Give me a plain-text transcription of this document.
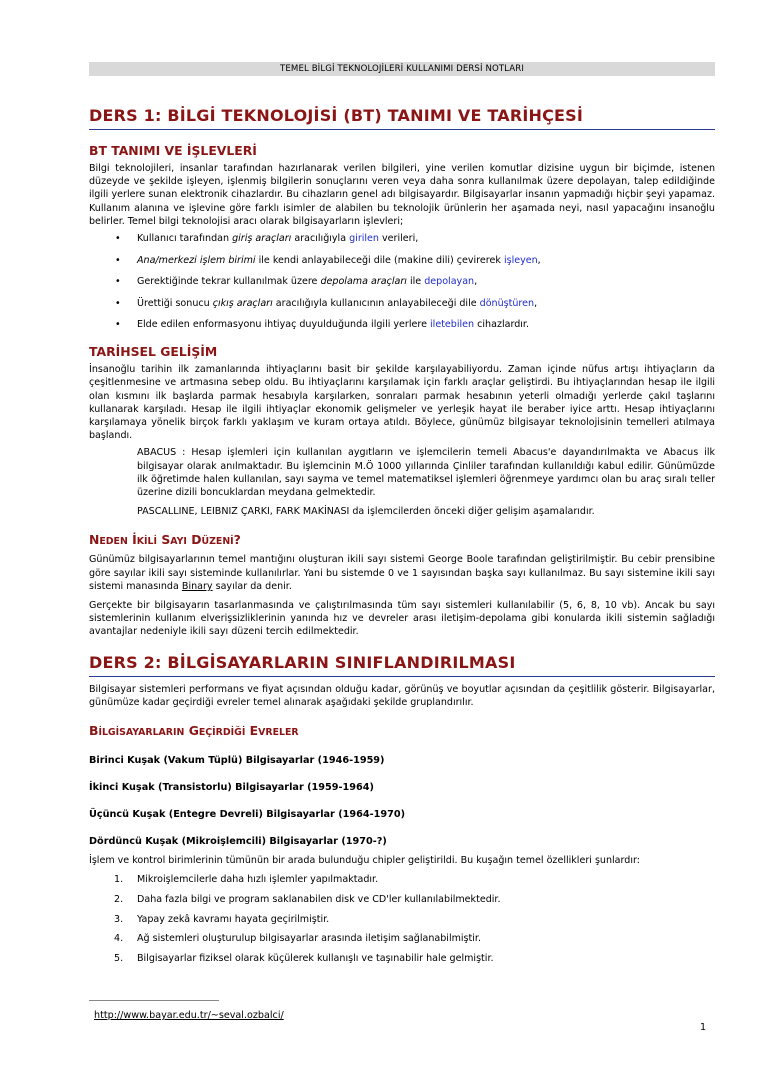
TEMEL BİLGİ TEKNOLOJİLERİ KULLANIMI DERSİ NOTLARI
DERS 1: BİLGİ TEKNOLOJİSİ (BT) TANIMI VE TARİHÇESİ
BT TANIMI VE İŞLEVLERİ

Bilgi teknolojileri, insanlar tarafından hazırlanarak verilen bilgileri, yine verilen komutlar dizisine uygun bir biçimde, istenen düzeyde ve şekilde işleyen, işlenmiş bilgilerin sonuçlarını veren veya daha sonra kullanılmak üzere depolayan, talep edildiğinde ilgili yerlere sunan elektronik cihazlardır. Bu cihazların genel adı bilgisayardır. Bilgisayarlar insanın yapmadığı hiçbir şeyi yapamaz. Kullanım alanına ve işlevine göre farklı isimler de alabilen bu teknolojik ürünlerin her aşamada neyi, nasıl yapacağını insanoğlu belirler. Temel bilgi teknolojisi aracı olarak bilgisayarların işlevleri;

• Kullanıcı tarafından giriş araçları aracılığıyla girilen verileri,
• Ana/merkezi işlem birimi ile kendi anlayabileceği dile (makine dili) çevirerek işleyen,
• Gerektiğinde tekrar kullanılmak üzere depolama araçları ile depolayan,
• Ürettiği sonucu çıkış araçları aracılığıyla kullanıcının anlayabileceği dile dönüştüren,
• Elde edilen enformasyonu ihtiyaç duyulduğunda ilgili yerlere iletebilen cihazlardır.
TARİHSEL GELİŞİM

İnsanoğlu tarihin ilk zamanlarında ihtiyaçlarını basit bir şekilde karşılayabiliyordu. Zaman içinde nüfus artışı ihtiyaçların da çeşitlenmesine ve artmasına sebep oldu. Bu ihtiyaçlarını karşılamak için farklı araçlar geliştirdi. Bu ihtiyaçlarından hesap ile ilgili olan kısmını ilk başlarda parmak hesabıyla karşılarken, sonraları parmak hesabının yeterli olmadığı yerlerde çakıl taşlarını kullanarak karşıladı. Hesap ile ilgili ihtiyaçlar ekonomik gelişmeler ve yerleşik hayat ile beraber iyice arttı. Hesap ihtiyaçlarını karşılamaya yönelik birçok farklı yaklaşım ve kuram ortaya atıldı. Böylece, günümüz bilgisayar teknolojisinin temelleri atılmaya başlandı.

ABACUS : Hesap işlemleri için kullanılan aygıtların ve işlemcilerin temeli Abacus'e dayandırılmakta ve Abacus ilk bilgisayar olarak anılmaktadır. Bu işlemcinin M.Ö 1000 yıllarında Çinliler tarafından kullanıldığı kabul edilir. Günümüzde ilk öğretimde halen kullanılan, sayı sayma ve temel matematiksel işlemleri öğrenmeye yardımcı olan bu araç sıralı teller üzerine dizili boncuklardan meydana gelmektedir.
PASCALLINE, LEIBNIZ ÇARKI, FARK MAKİNASI da işlemcilerden önceki diğer gelişim aşamalarıdır.
NEDEN İKİLİ SAYI DÜZENİ?

Günümüz bilgisayarlarının temel mantığını oluşturan ikili sayı sistemi George Boole tarafından geliştirilmiştir. Bu cebir prensibine göre sayılar ikili sayı sisteminde kullanılırlar. Yani bu sistemde 0 ve 1 sayısından başka sayı kullanılmaz. Bu sayı sistemine ikili sayı sistemi manasında Binary sayılar da denir.

Gerçekte bir bilgisayarın tasarlanmasında ve çalıştırılmasında tüm sayı sistemleri kullanılabilir (5, 6, 8, 10 vb). Ancak bu sayı sistemlerinin kullanım elverişsizliklerinin yanında hız ve devreler arası iletişim-depolama gibi konularda ikili sistemin sağladığı avantajlar nedeniyle ikili sayı düzeni tercih edilmektedir.

DERS 2: BİLGİSAYARLARIN SINIFLANDIRILMASI

Bilgisayar sistemleri performans ve fiyat açısından olduğu kadar, görünüş ve boyutlar açısından da çeşitlilik gösterir. Bilgisayarlar, günümüze kadar geçirdiği evreler temel alınarak aşağıdaki şekilde gruplandırılır.

BİLGİSAYARLARIN GEÇİRDİĞİ EVRELER

Birinci Kuşak (Vakum Tüplü) Bilgisayarlar (1946-1959)

İkinci Kuşak (Transistorlu) Bilgisayarlar (1959-1964)

Üçüncü Kuşak (Entegre Devreli) Bilgisayarlar (1964-1970)

Dördüncü Kuşak (Mikroişlemcili) Bilgisayarlar (1970-?)

İşlem ve kontrol birimlerinin tümünün bir arada bulunduğu chipler geliştirildi. Bu kuşağın temel özellikleri şunlardır:

1. Mikroişlemcilerle daha hızlı işlemler yapılmaktadır.
2. Daha fazla bilgi ve program saklanabilen disk ve CD'ler kullanılabilmektedir.
3. Yapay zekâ kavramı hayata geçirilmiştir.
4. Ağ sistemleri oluşturulup bilgisayarlar arasında iletişim sağlanabilmiştir.
5. Bilgisayarlar fiziksel olarak küçülerek kullanışlı ve taşınabilir hale gelmiştir.
http://www.bayar.edu.tr/~seval.ozbalci/
1
